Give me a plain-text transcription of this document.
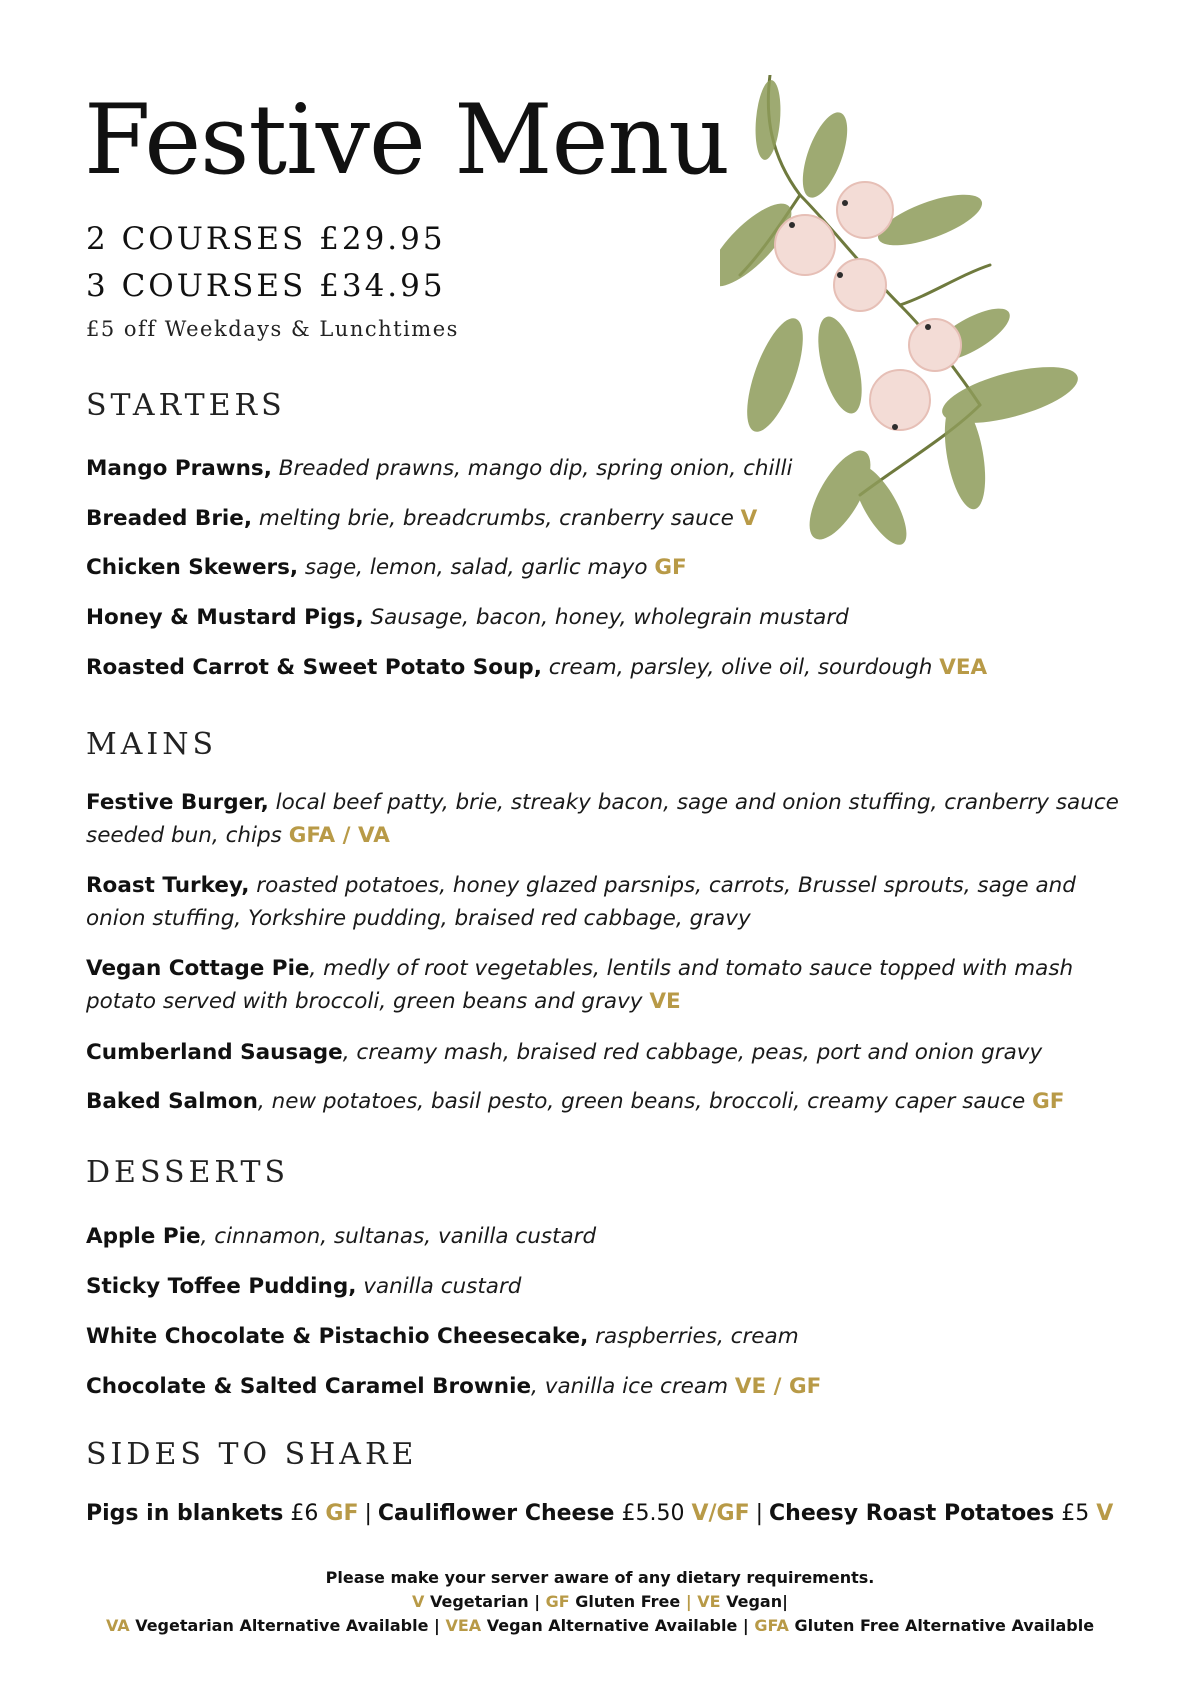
Festive Menu
2 COURSES £29.95
3 COURSES £34.95
£5 off Weekdays & Lunchtimes
STARTERS
Mango Prawns, Breaded prawns, mango dip, spring onion, chilli
Breaded Brie, melting brie, breadcrumbs, cranberry sauce V
Chicken Skewers, sage, lemon, salad, garlic mayo GF
Honey & Mustard Pigs, Sausage, bacon, honey, wholegrain mustard
Roasted Carrot & Sweet Potato Soup, cream, parsley, olive oil, sourdough VEA
MAINS
Festive Burger, local beef patty, brie, streaky bacon, sage and onion stuffing, cranberry sauce seeded bun, chips GFA / VA
Roast Turkey, roasted potatoes, honey glazed parsnips, carrots, Brussel sprouts, sage and onion stuffing, Yorkshire pudding, braised red cabbage, gravy
Vegan Cottage Pie, medly of root vegetables, lentils and tomato sauce topped with mash potato served with broccoli, green beans and gravy VE
Cumberland Sausage, creamy mash, braised red cabbage, peas, port and onion gravy
Baked Salmon, new potatoes, basil pesto, green beans, broccoli, creamy caper sauce GF
DESSERTS
Apple Pie, cinnamon, sultanas, vanilla custard
Sticky Toffee Pudding, vanilla custard
White Chocolate & Pistachio Cheesecake, raspberries, cream
Chocolate & Salted Caramel Brownie, vanilla ice cream VE / GF
SIDES TO SHARE
Pigs in blankets £6 GF | Cauliflower Cheese £5.50 V/GF | Cheesy Roast Potatoes £5 V
Please make your server aware of any dietary requirements.
V Vegetarian | GF Gluten Free | VE Vegan|
VA Vegetarian Alternative Available | VEA Vegan Alternative Available | GFA Gluten Free Alternative Available
